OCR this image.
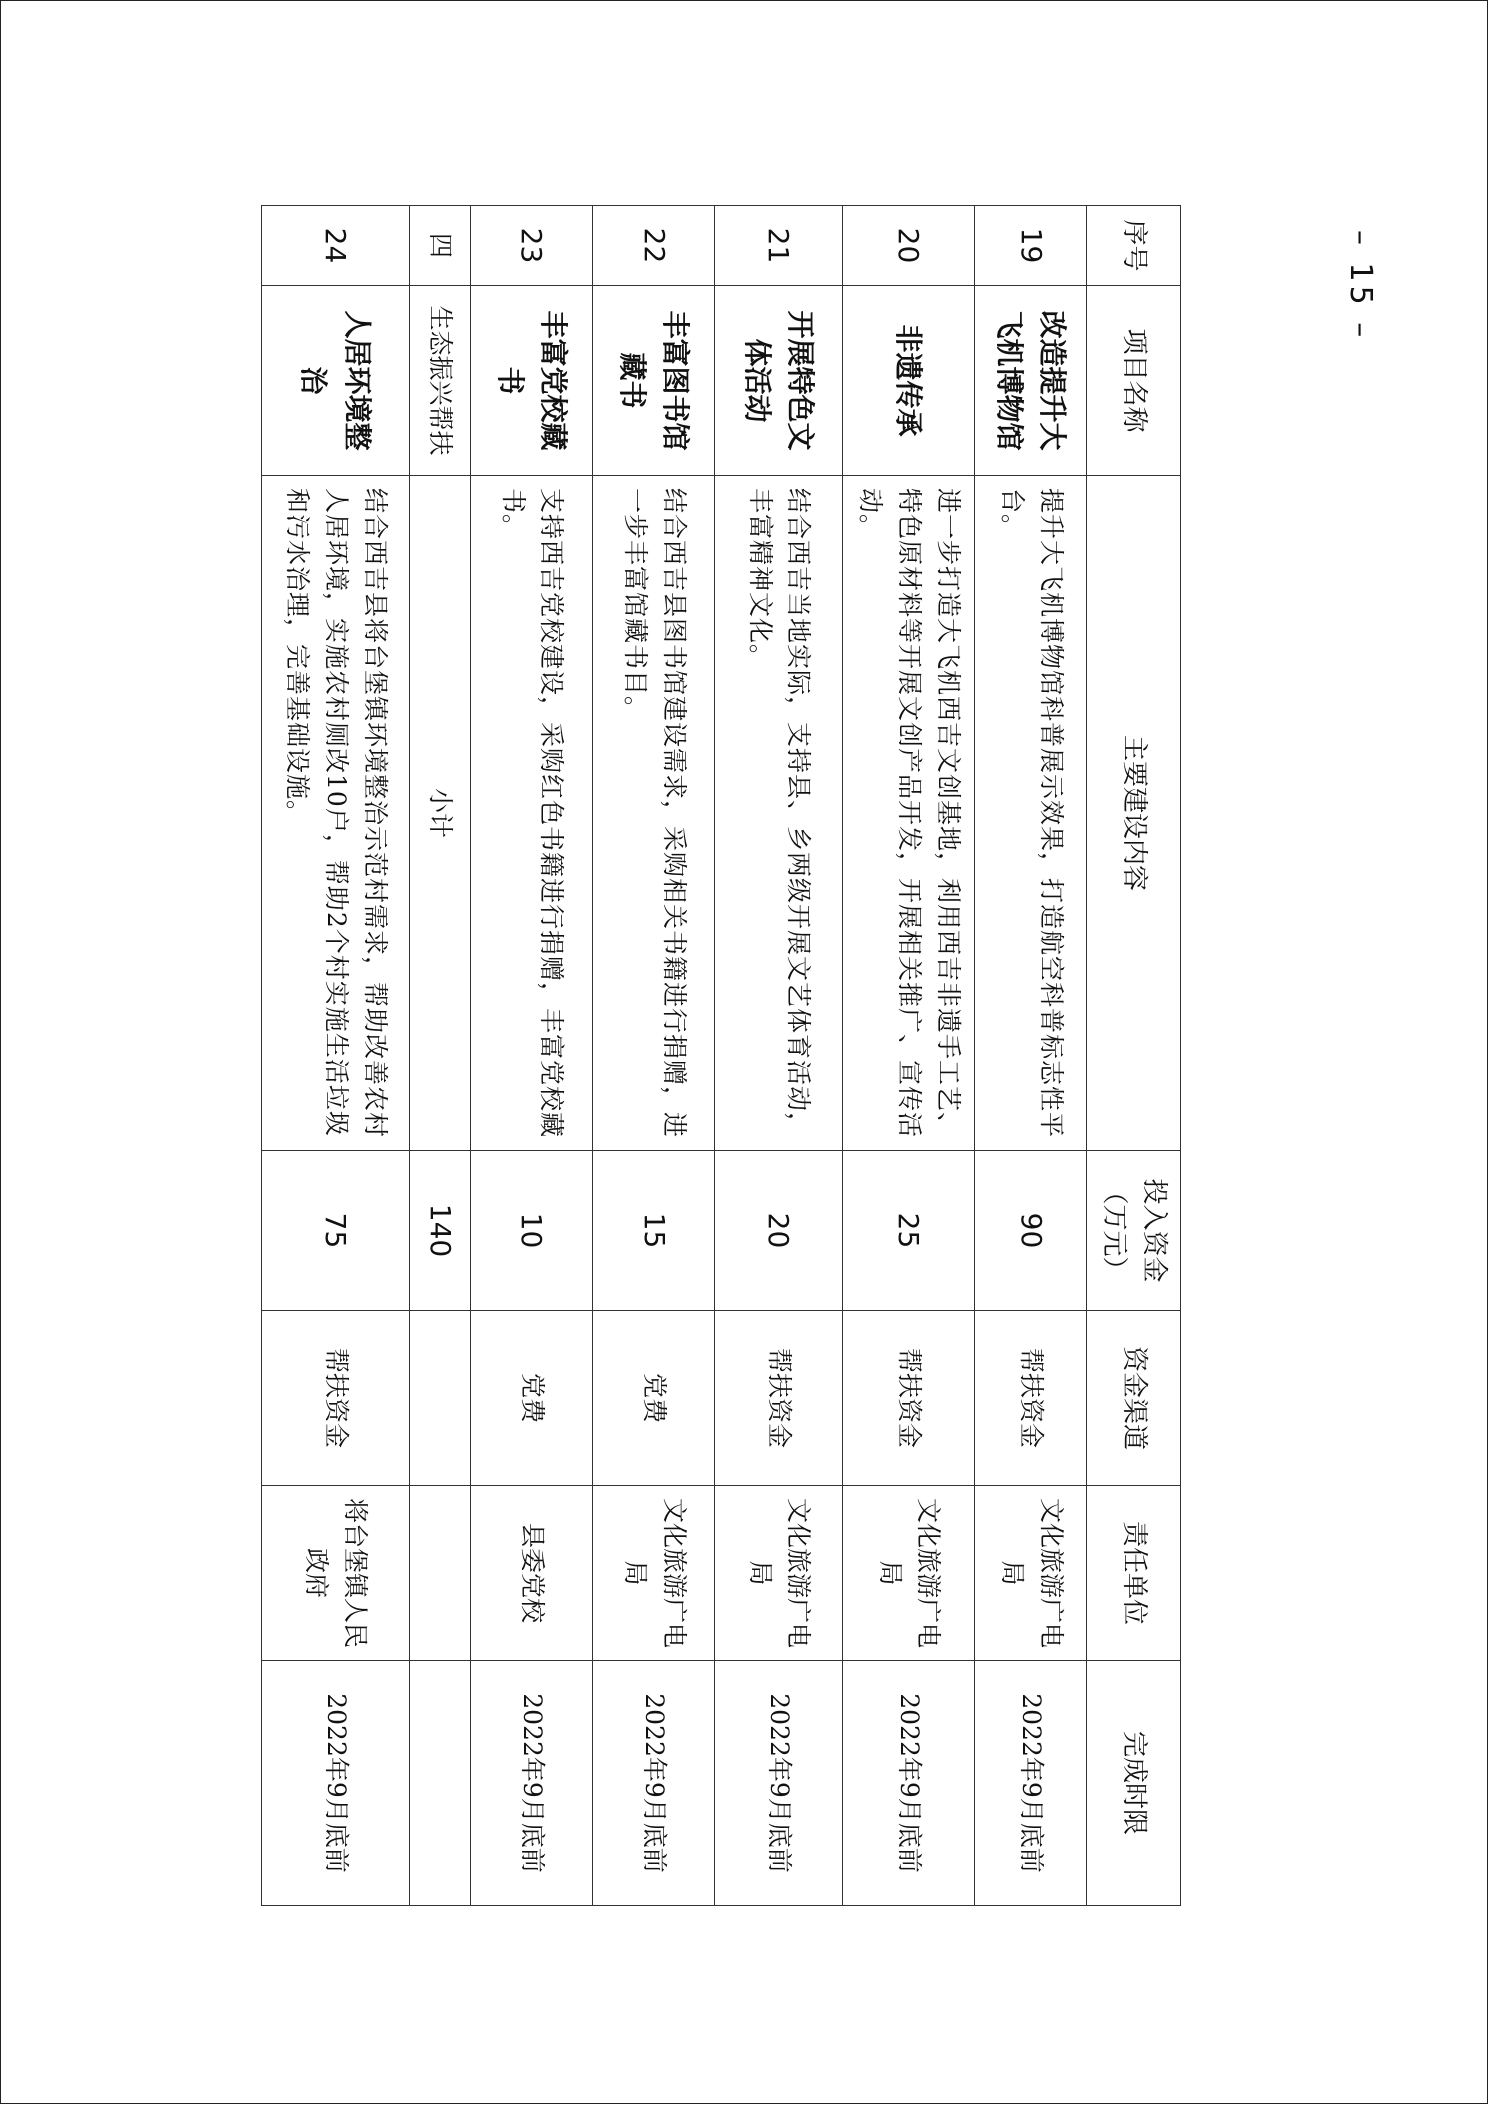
– 15 –
序号	项目名称	主要建设内容	投入资金（万元）	资金渠道	责任单位	完成时限
19	改造提升大飞机博物馆	提升大飞机博物馆科普展示效果，打造航空科普标志性平台。	90	帮扶资金	文化旅游广电局	2022年9月底前
20	非遗传承	进一步打造大飞机西吉文创基地，利用西吉非遗手工艺、特色原材料等开展文创产品开发，开展相关推广、宣传活动。	25	帮扶资金	文化旅游广电局	2022年9月底前
21	开展特色文体活动	结合西吉当地实际，支持县、乡两级开展文艺体育活动，丰富精神文化。	20	帮扶资金	文化旅游广电局	2022年9月底前
22	丰富图书馆藏书	结合西吉县图书馆建设需求，采购相关书籍进行捐赠，进一步丰富馆藏书目。	15	党费	文化旅游广电局	2022年9月底前
23	丰富党校藏书	支持西吉党校建设，采购红色书籍进行捐赠，丰富党校藏书。	10	党费	县委党校	2022年9月底前
四	生态振兴帮扶	小计	140			
24	人居环境整治	结合西吉县将台堡镇环境整治示范村需求，帮助改善农村人居环境，实施农村厕改10户，帮助2个村实施生活垃圾和污水治理，完善基础设施。	75	帮扶资金	将台堡镇人民政府	2022年9月底前
